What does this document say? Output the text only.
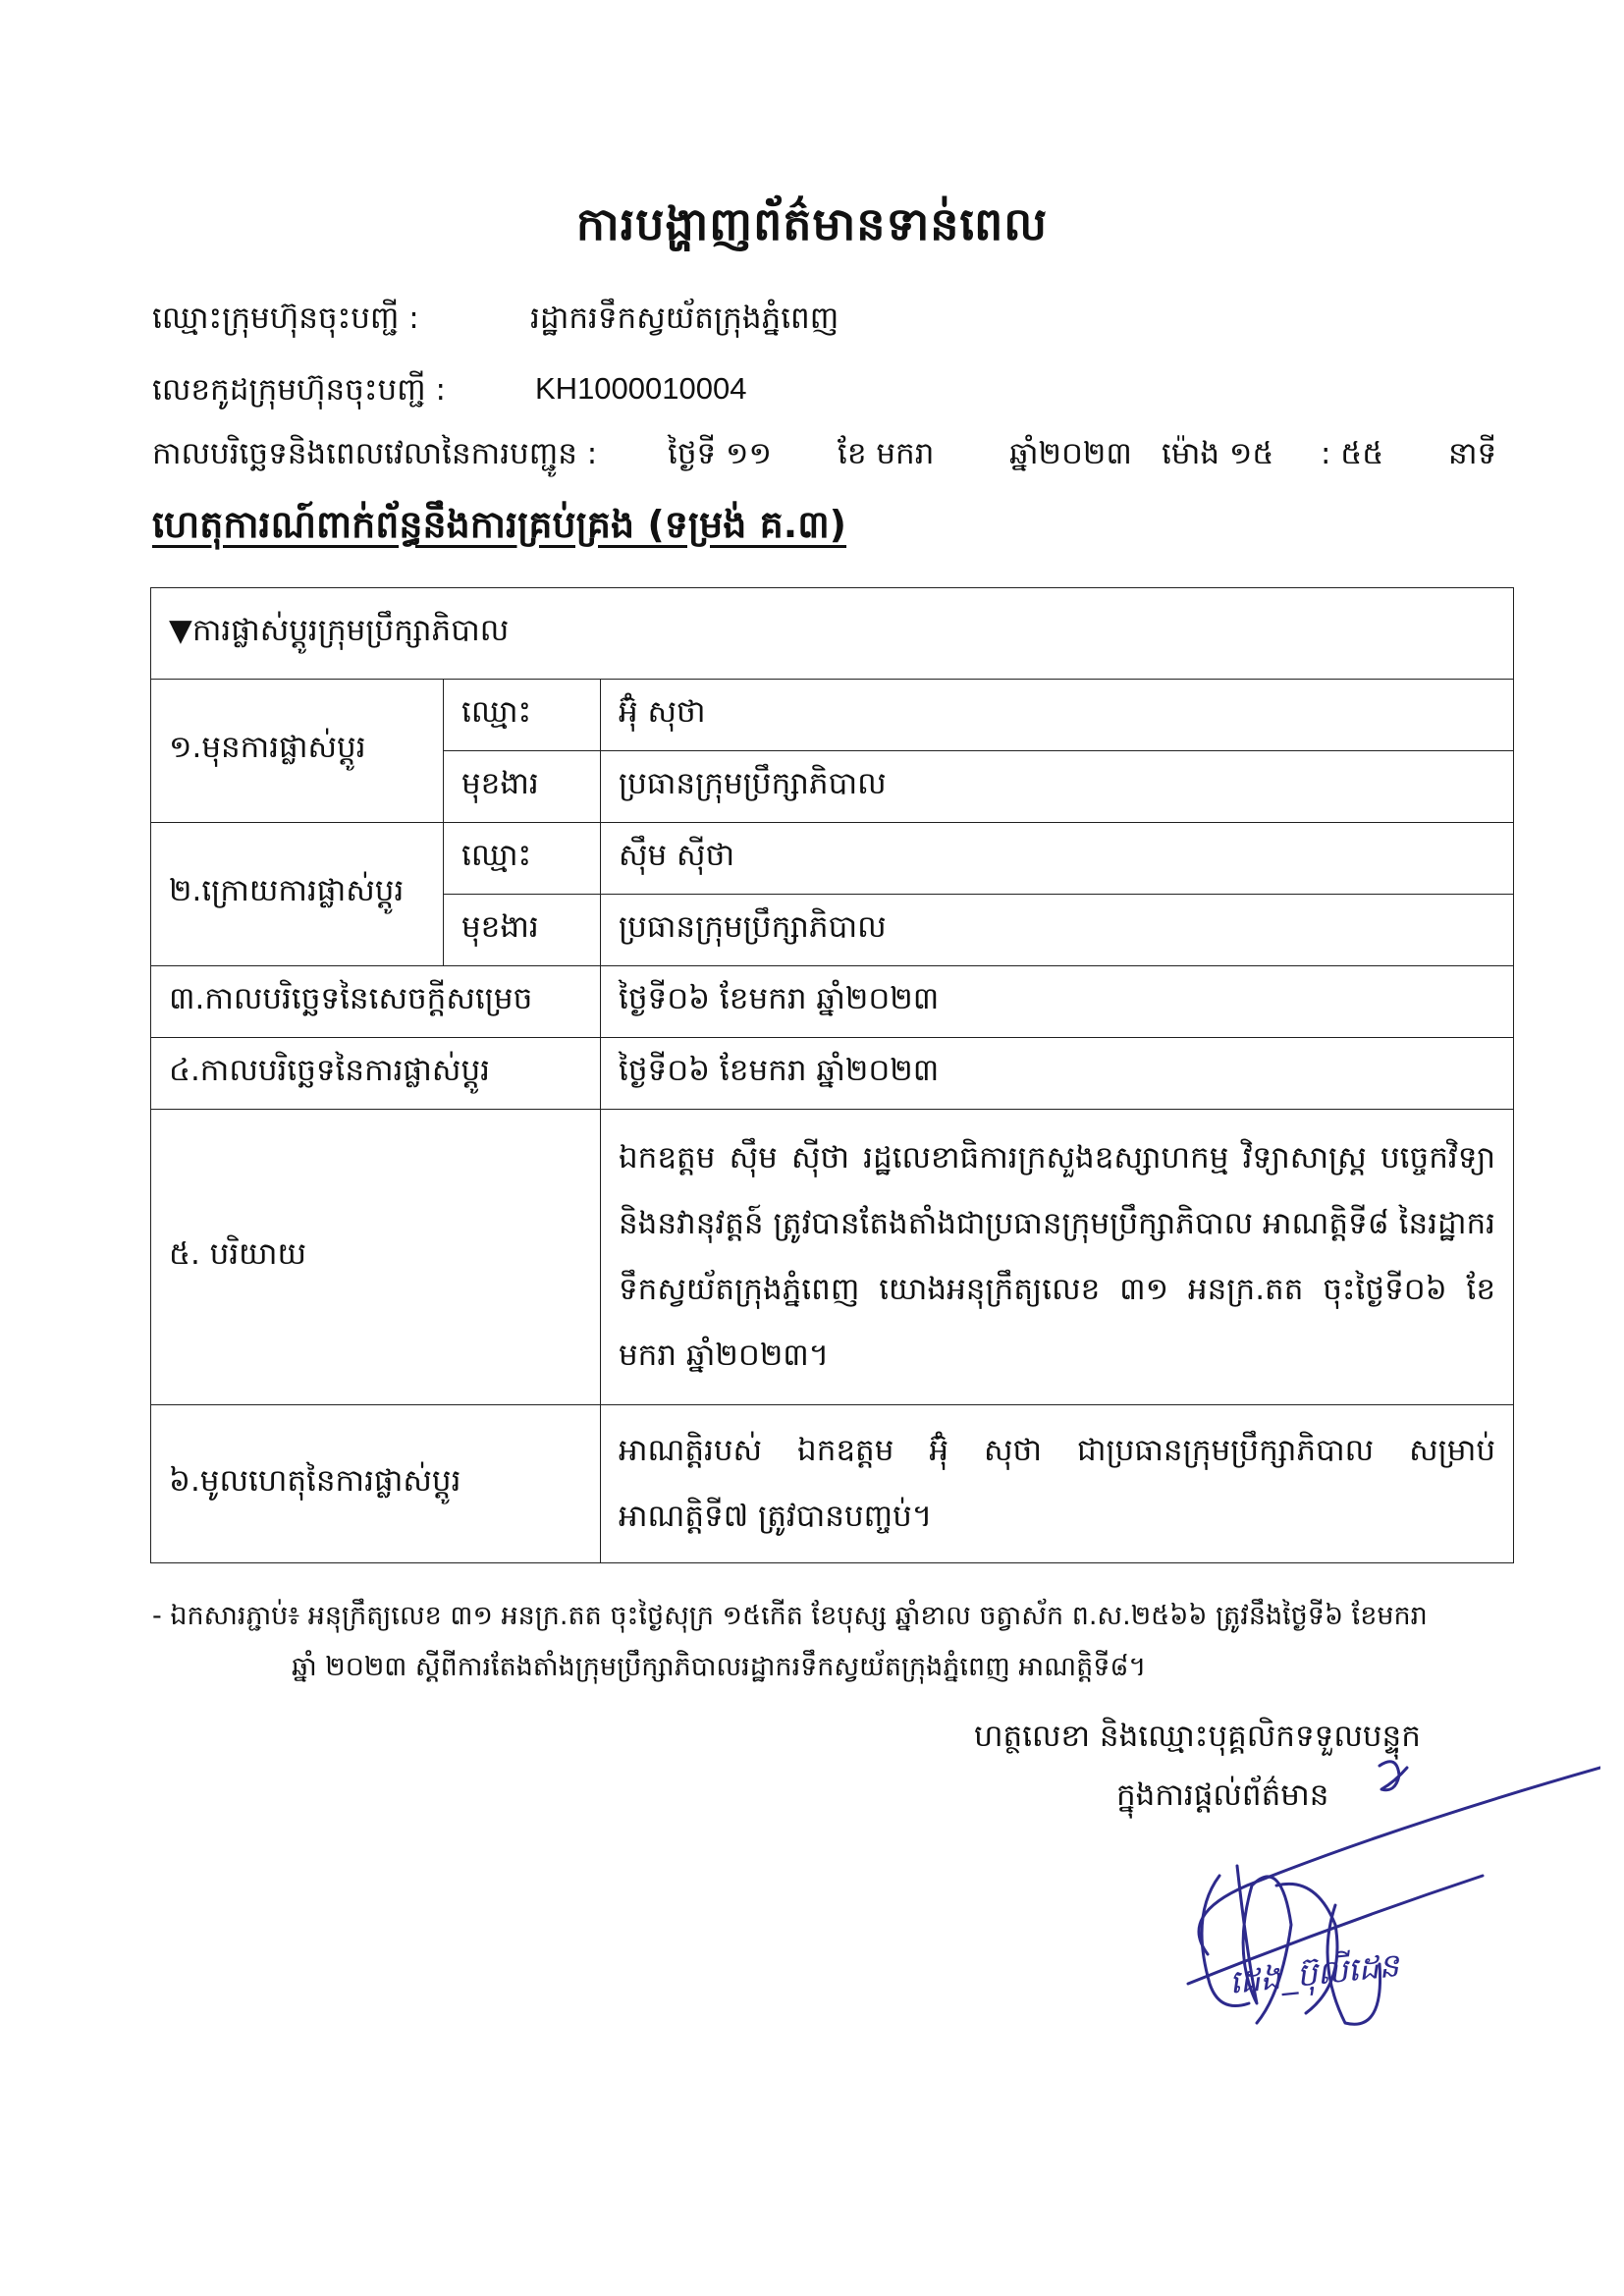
ការបង្ហាញព័ត៌មានទាន់ពេល
ឈ្មោះក្រុមហ៊ុនចុះបញ្ជី :	រដ្ឋាករទឹកស្វយ័តក្រុងភ្នំពេញ
លេខកូដក្រុមហ៊ុនចុះបញ្ជី :	KH1000010004
កាលបរិច្ឆេទនិងពេលវេលានៃការបញ្ជូន : ថ្ងៃទី ១១ ខែ មករា ឆ្នាំ២០២៣ ម៉ោង ១៥ : ៥៥ នាទី
ហេតុការណ៍ពាក់ព័ន្ធនឹងការគ្រប់គ្រង (ទម្រង់ គ.៣)
▼ការផ្លាស់ប្តូរក្រុមប្រឹក្សាភិបាល		
១.មុនការផ្លាស់ប្តូរ	ឈ្មោះ	អ៊ុំ សុថា
	មុខងារ	ប្រធានក្រុមប្រឹក្សាភិបាល
២.ក្រោយការផ្លាស់ប្តូរ	ឈ្មោះ	ស៊ឹម ស៊ីថា
	មុខងារ	ប្រធានក្រុមប្រឹក្សាភិបាល
៣.កាលបរិច្ឆេទនៃសេចក្តីសម្រេច		ថ្ងៃទី០៦ ខែមករា ឆ្នាំ២០២៣
៤.កាលបរិច្ឆេទនៃការផ្លាស់ប្តូរ		ថ្ងៃទី០៦ ខែមករា ឆ្នាំ២០២៣
៥. បរិយាយ		ឯកឧត្តម ស៊ឹម ស៊ីថា រដ្ឋលេខាធិការក្រសួងឧស្សាហកម្ម វិទ្យាសាស្ត្រ បច្ចេកវិទ្យា និងនវានុវត្តន៍ ត្រូវបានតែងតាំងជាប្រធានក្រុមប្រឹក្សាភិបាល អាណត្តិទី៨ នៃរដ្ឋាករទឹកស្វយ័តក្រុងភ្នំពេញ យោងអនុក្រឹត្យលេខ ៣១ អនក្រ.តត ចុះថ្ងៃទី០៦ ខែមករា ឆ្នាំ២០២៣។
៦.មូលហេតុនៃការផ្លាស់ប្តូរ		អាណត្តិរបស់ ឯកឧត្តម អ៊ុំ សុថា ជាប្រធានក្រុមប្រឹក្សាភិបាល សម្រាប់ អាណត្តិទី៧ ត្រូវបានបញ្ចប់។
- ឯកសារភ្ជាប់៖ អនុក្រឹត្យលេខ ៣១ អនក្រ.តត ចុះថ្ងៃសុក្រ ១៥កើត ខែបុស្ស ឆ្នាំខាល ចត្វាស័ក ព.ស.២៥៦៦ ត្រូវនឹងថ្ងៃទី៦ ខែមករា
ឆ្នាំ ២០២៣ ស្តីពីការតែងតាំងក្រុមប្រឹក្សាភិបាលរដ្ឋាករទឹកស្វយ័តក្រុងភ្នំពេញ អាណត្តិទី៨។
ហត្ថលេខា និងឈ្មោះបុគ្គលិកទទួលបន្ទុក
ក្នុងការផ្តល់ព័ត៌មាន
ដេង_ប៊ុលីដេន
